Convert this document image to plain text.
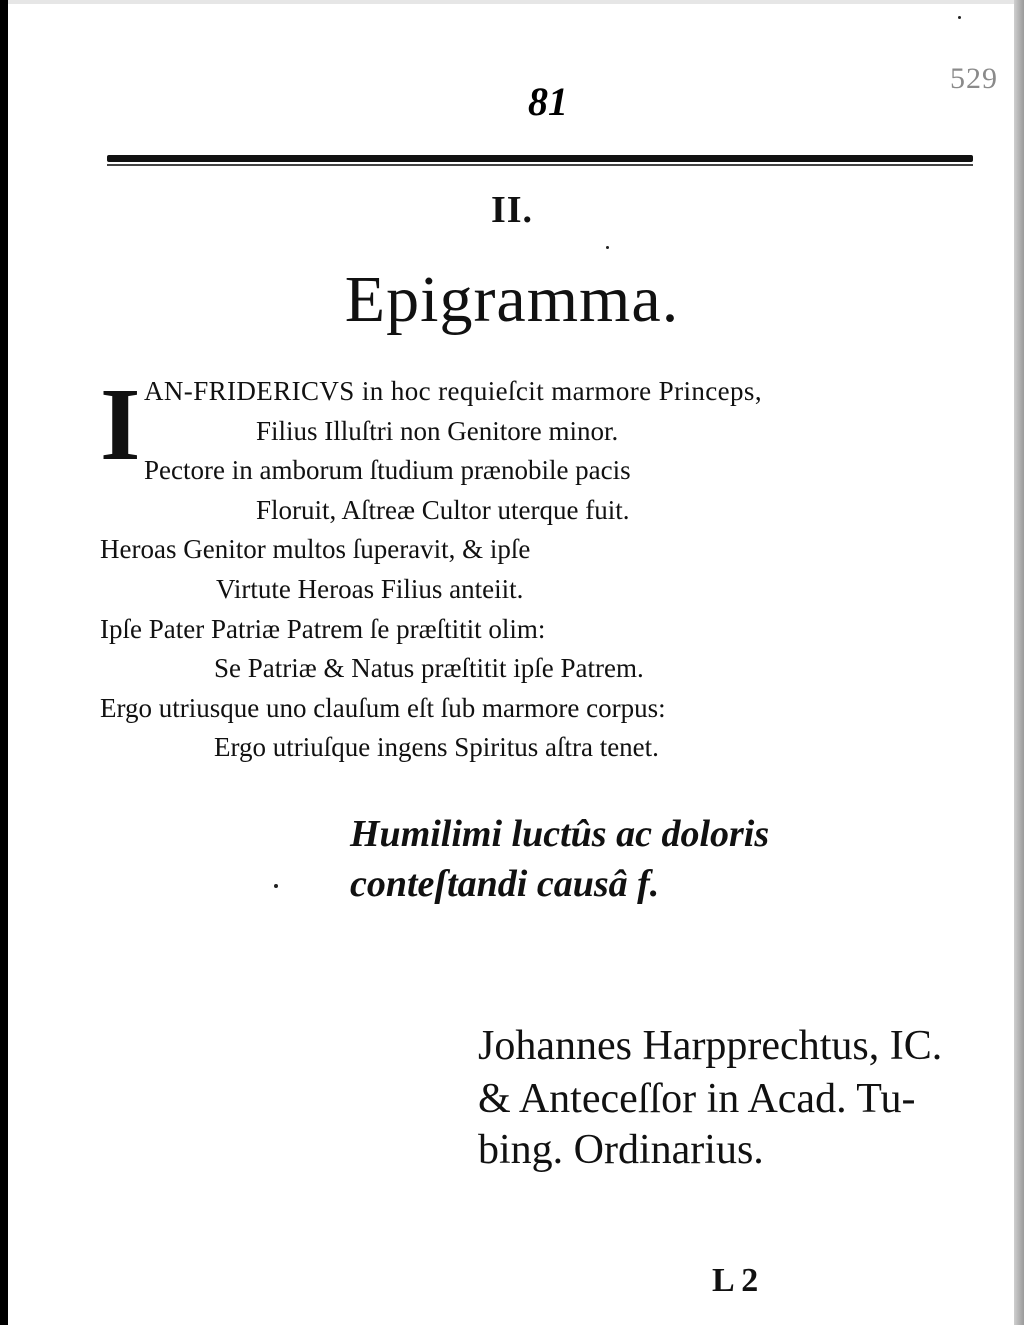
529
81
II.
Epigramma.
I AN-FRIDERICVS in hoc requieſcit marmore Princeps,
Filius Illuſtri non Genitore minor.
Pectore in amborum ſtudium prænobile pacis
Floruit, Aſtreæ Cultor uterque fuit.
Heroas Genitor multos ſuperavit, & ipſe
Virtute Heroas Filius anteiit.
Ipſe Pater Patriæ Patrem ſe præſtitit olim:
Se Patriæ & Natus præſtitit ipſe Patrem.
Ergo utriusque uno clauſum eſt ſub marmore corpus:
Ergo utriuſque ingens Spiritus aſtra tenet.
Humilimi luctûs ac doloris
conteſtandi causâ f.
Johannes Harpprechtus, IC.
& Anteceſſor in Acad. Tu-
bing. Ordinarius.
L 2
